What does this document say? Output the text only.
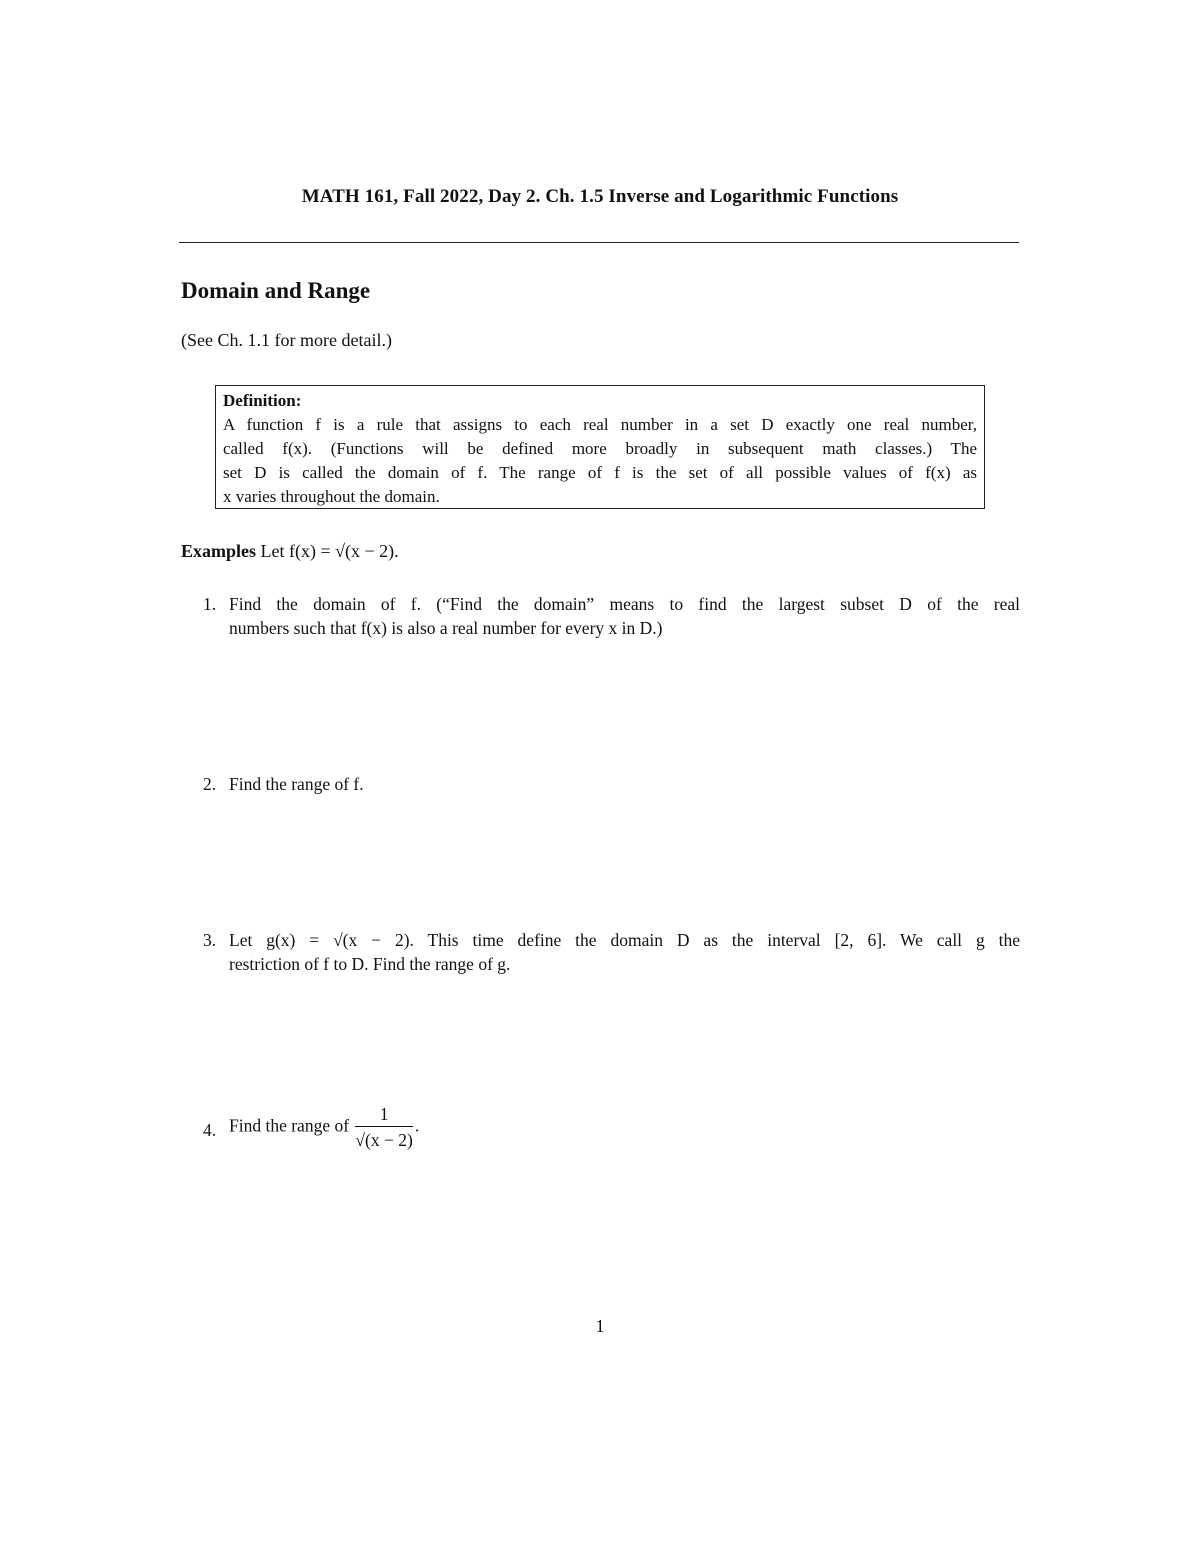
MATH 161, Fall 2022, Day 2. Ch. 1.5 Inverse and Logarithmic Functions
Domain and Range
(See Ch. 1.1 for more detail.)
Definition:
A function f is a rule that assigns to each real number in a set D exactly one real number,
called f(x). (Functions will be defined more broadly in subsequent math classes.) The
set D is called the domain of f. The range of f is the set of all possible values of f(x) as
x varies throughout the domain.
Examples Let f(x) = √(x − 2).
1. Find the domain of f. (“Find the domain” means to find the largest subset D of the real
numbers such that f(x) is also a real number for every x in D.)
2. Find the range of f.
3. Let g(x) = √(x − 2). This time define the domain D as the interval [2, 6]. We call g the
restriction of f to D. Find the range of g.
4. Find the range of $\frac{1}{√(x - 2)}$ .
1
